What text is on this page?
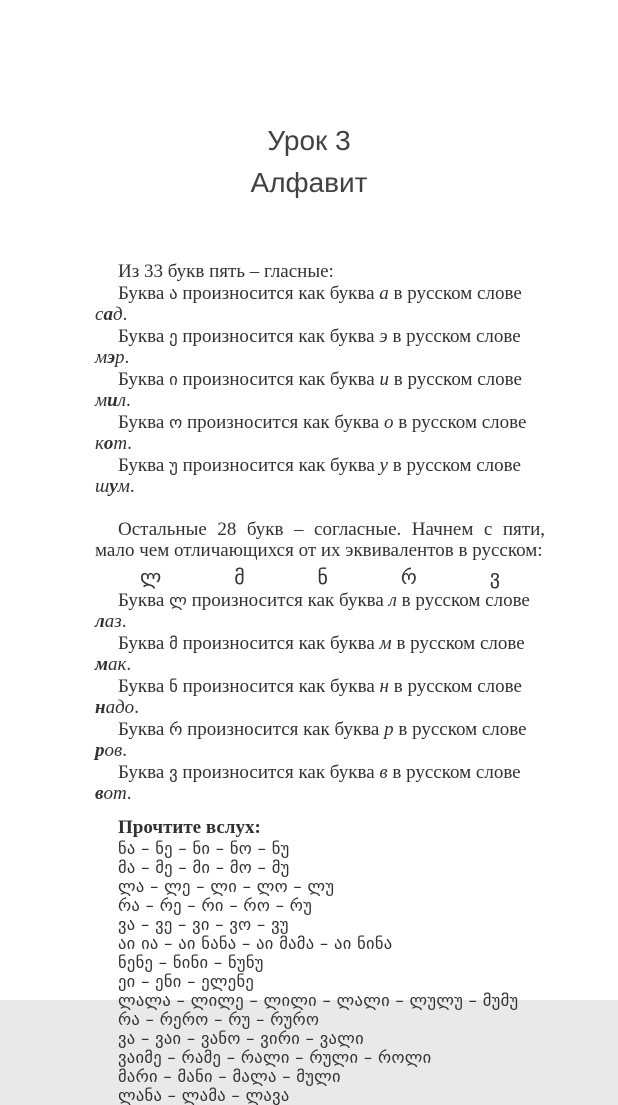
Урок 3
Алфавит

Из 33 букв пять – гласные:

Буква ა произносится как буква а в русском слове сад.

Буква ე произносится как буква э в русском слове мэр.

Буква ი произносится как буква и в русском слове мил.

Буква ო произносится как буква о в русском слове кот.

Буква უ произносится как буква у в русском слове шум.

Остальные 28 букв – согласные. Начнем с пяти, мало чем отличающихся от их эквивалентов в русском:

ლ	მ	ნ	რ	ვ

Буква ლ произносится как буква л в русском слове лаз.

Буква მ произносится как буква м в русском слове мак.

Буква ნ произносится как буква н в русском слове надо.

Буква რ произносится как буква р в русском слове ров.

Буква ვ произносится как буква в в русском слове вот.

Прочтите вслух:

ნა – ნე – ნი – ნო – ნუ

მა – მე – მი – მო – მუ

ლა – ლე – ლი – ლო – ლუ

რა – რე – რი – რო – რუ

ვა – ვე – ვი – ვო – ვუ

აი ია – აი ნანა – აი მამა – აი ნინა

ნენე – ნინი – ნუნუ

ეი – ენი – ელენე

ლალა – ლილე – ლილი – ლალი – ლულუ – მუმუ

რა – რერო – რუ – რურო

ვა – ვაი – ვანო – ვირი – ვალი

ვაიმე – რამე – რალი – რული – როლი

მარი – მანი – მალა – მული

ლანა – ლამა – ლავა
